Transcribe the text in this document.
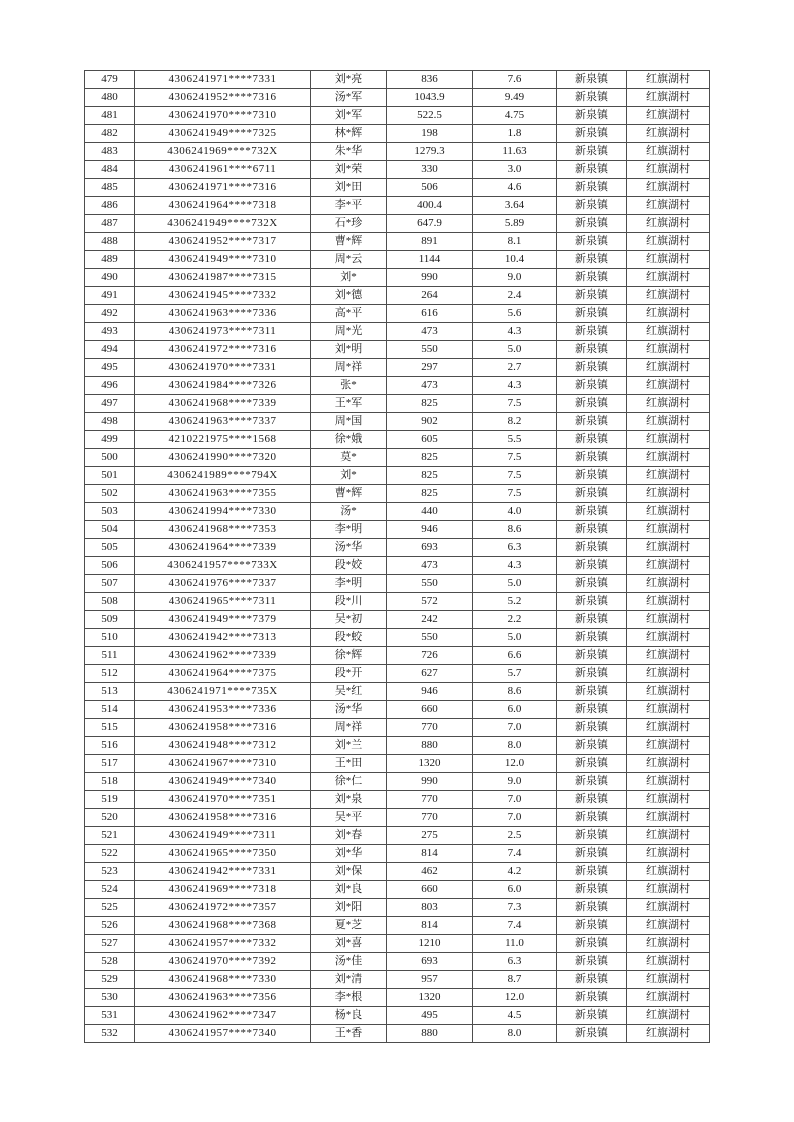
479	4306241971****7331	刘*亮	836	7.6	新泉镇	红旗湖村
480	4306241952****7316	汤*军	1043.9	9.49	新泉镇	红旗湖村
481	4306241970****7310	刘*军	522.5	4.75	新泉镇	红旗湖村
482	4306241949****7325	林*辉	198	1.8	新泉镇	红旗湖村
483	4306241969****732X	朱*华	1279.3	11.63	新泉镇	红旗湖村
484	4306241961****6711	刘*荣	330	3.0	新泉镇	红旗湖村
485	4306241971****7316	刘*田	506	4.6	新泉镇	红旗湖村
486	4306241964****7318	李*平	400.4	3.64	新泉镇	红旗湖村
487	4306241949****732X	石*珍	647.9	5.89	新泉镇	红旗湖村
488	4306241952****7317	曹*辉	891	8.1	新泉镇	红旗湖村
489	4306241949****7310	周*云	1144	10.4	新泉镇	红旗湖村
490	4306241987****7315	刘*	990	9.0	新泉镇	红旗湖村
491	4306241945****7332	刘*德	264	2.4	新泉镇	红旗湖村
492	4306241963****7336	高*平	616	5.6	新泉镇	红旗湖村
493	4306241973****7311	周*光	473	4.3	新泉镇	红旗湖村
494	4306241972****7316	刘*明	550	5.0	新泉镇	红旗湖村
495	4306241970****7331	周*祥	297	2.7	新泉镇	红旗湖村
496	4306241984****7326	张*	473	4.3	新泉镇	红旗湖村
497	4306241968****7339	王*军	825	7.5	新泉镇	红旗湖村
498	4306241963****7337	周*国	902	8.2	新泉镇	红旗湖村
499	4210221975****1568	徐*娥	605	5.5	新泉镇	红旗湖村
500	4306241990****7320	莫*	825	7.5	新泉镇	红旗湖村
501	4306241989****794X	刘*	825	7.5	新泉镇	红旗湖村
502	4306241963****7355	曹*辉	825	7.5	新泉镇	红旗湖村
503	4306241994****7330	汤*	440	4.0	新泉镇	红旗湖村
504	4306241968****7353	李*明	946	8.6	新泉镇	红旗湖村
505	4306241964****7339	汤*华	693	6.3	新泉镇	红旗湖村
506	4306241957****733X	段*姣	473	4.3	新泉镇	红旗湖村
507	4306241976****7337	李*明	550	5.0	新泉镇	红旗湖村
508	4306241965****7311	段*川	572	5.2	新泉镇	红旗湖村
509	4306241949****7379	吴*初	242	2.2	新泉镇	红旗湖村
510	4306241942****7313	段*蛟	550	5.0	新泉镇	红旗湖村
511	4306241962****7339	徐*辉	726	6.6	新泉镇	红旗湖村
512	4306241964****7375	段*开	627	5.7	新泉镇	红旗湖村
513	4306241971****735X	吴*红	946	8.6	新泉镇	红旗湖村
514	4306241953****7336	汤*华	660	6.0	新泉镇	红旗湖村
515	4306241958****7316	周*祥	770	7.0	新泉镇	红旗湖村
516	4306241948****7312	刘*兰	880	8.0	新泉镇	红旗湖村
517	4306241967****7310	王*田	1320	12.0	新泉镇	红旗湖村
518	4306241949****7340	徐*仁	990	9.0	新泉镇	红旗湖村
519	4306241970****7351	刘*泉	770	7.0	新泉镇	红旗湖村
520	4306241958****7316	吴*平	770	7.0	新泉镇	红旗湖村
521	4306241949****7311	刘*春	275	2.5	新泉镇	红旗湖村
522	4306241965****7350	刘*华	814	7.4	新泉镇	红旗湖村
523	4306241942****7331	刘*保	462	4.2	新泉镇	红旗湖村
524	4306241969****7318	刘*良	660	6.0	新泉镇	红旗湖村
525	4306241972****7357	刘*阳	803	7.3	新泉镇	红旗湖村
526	4306241968****7368	夏*芝	814	7.4	新泉镇	红旗湖村
527	4306241957****7332	刘*喜	1210	11.0	新泉镇	红旗湖村
528	4306241970****7392	汤*佳	693	6.3	新泉镇	红旗湖村
529	4306241968****7330	刘*清	957	8.7	新泉镇	红旗湖村
530	4306241963****7356	李*根	1320	12.0	新泉镇	红旗湖村
531	4306241962****7347	杨*良	495	4.5	新泉镇	红旗湖村
532	4306241957****7340	王*香	880	8.0	新泉镇	红旗湖村
